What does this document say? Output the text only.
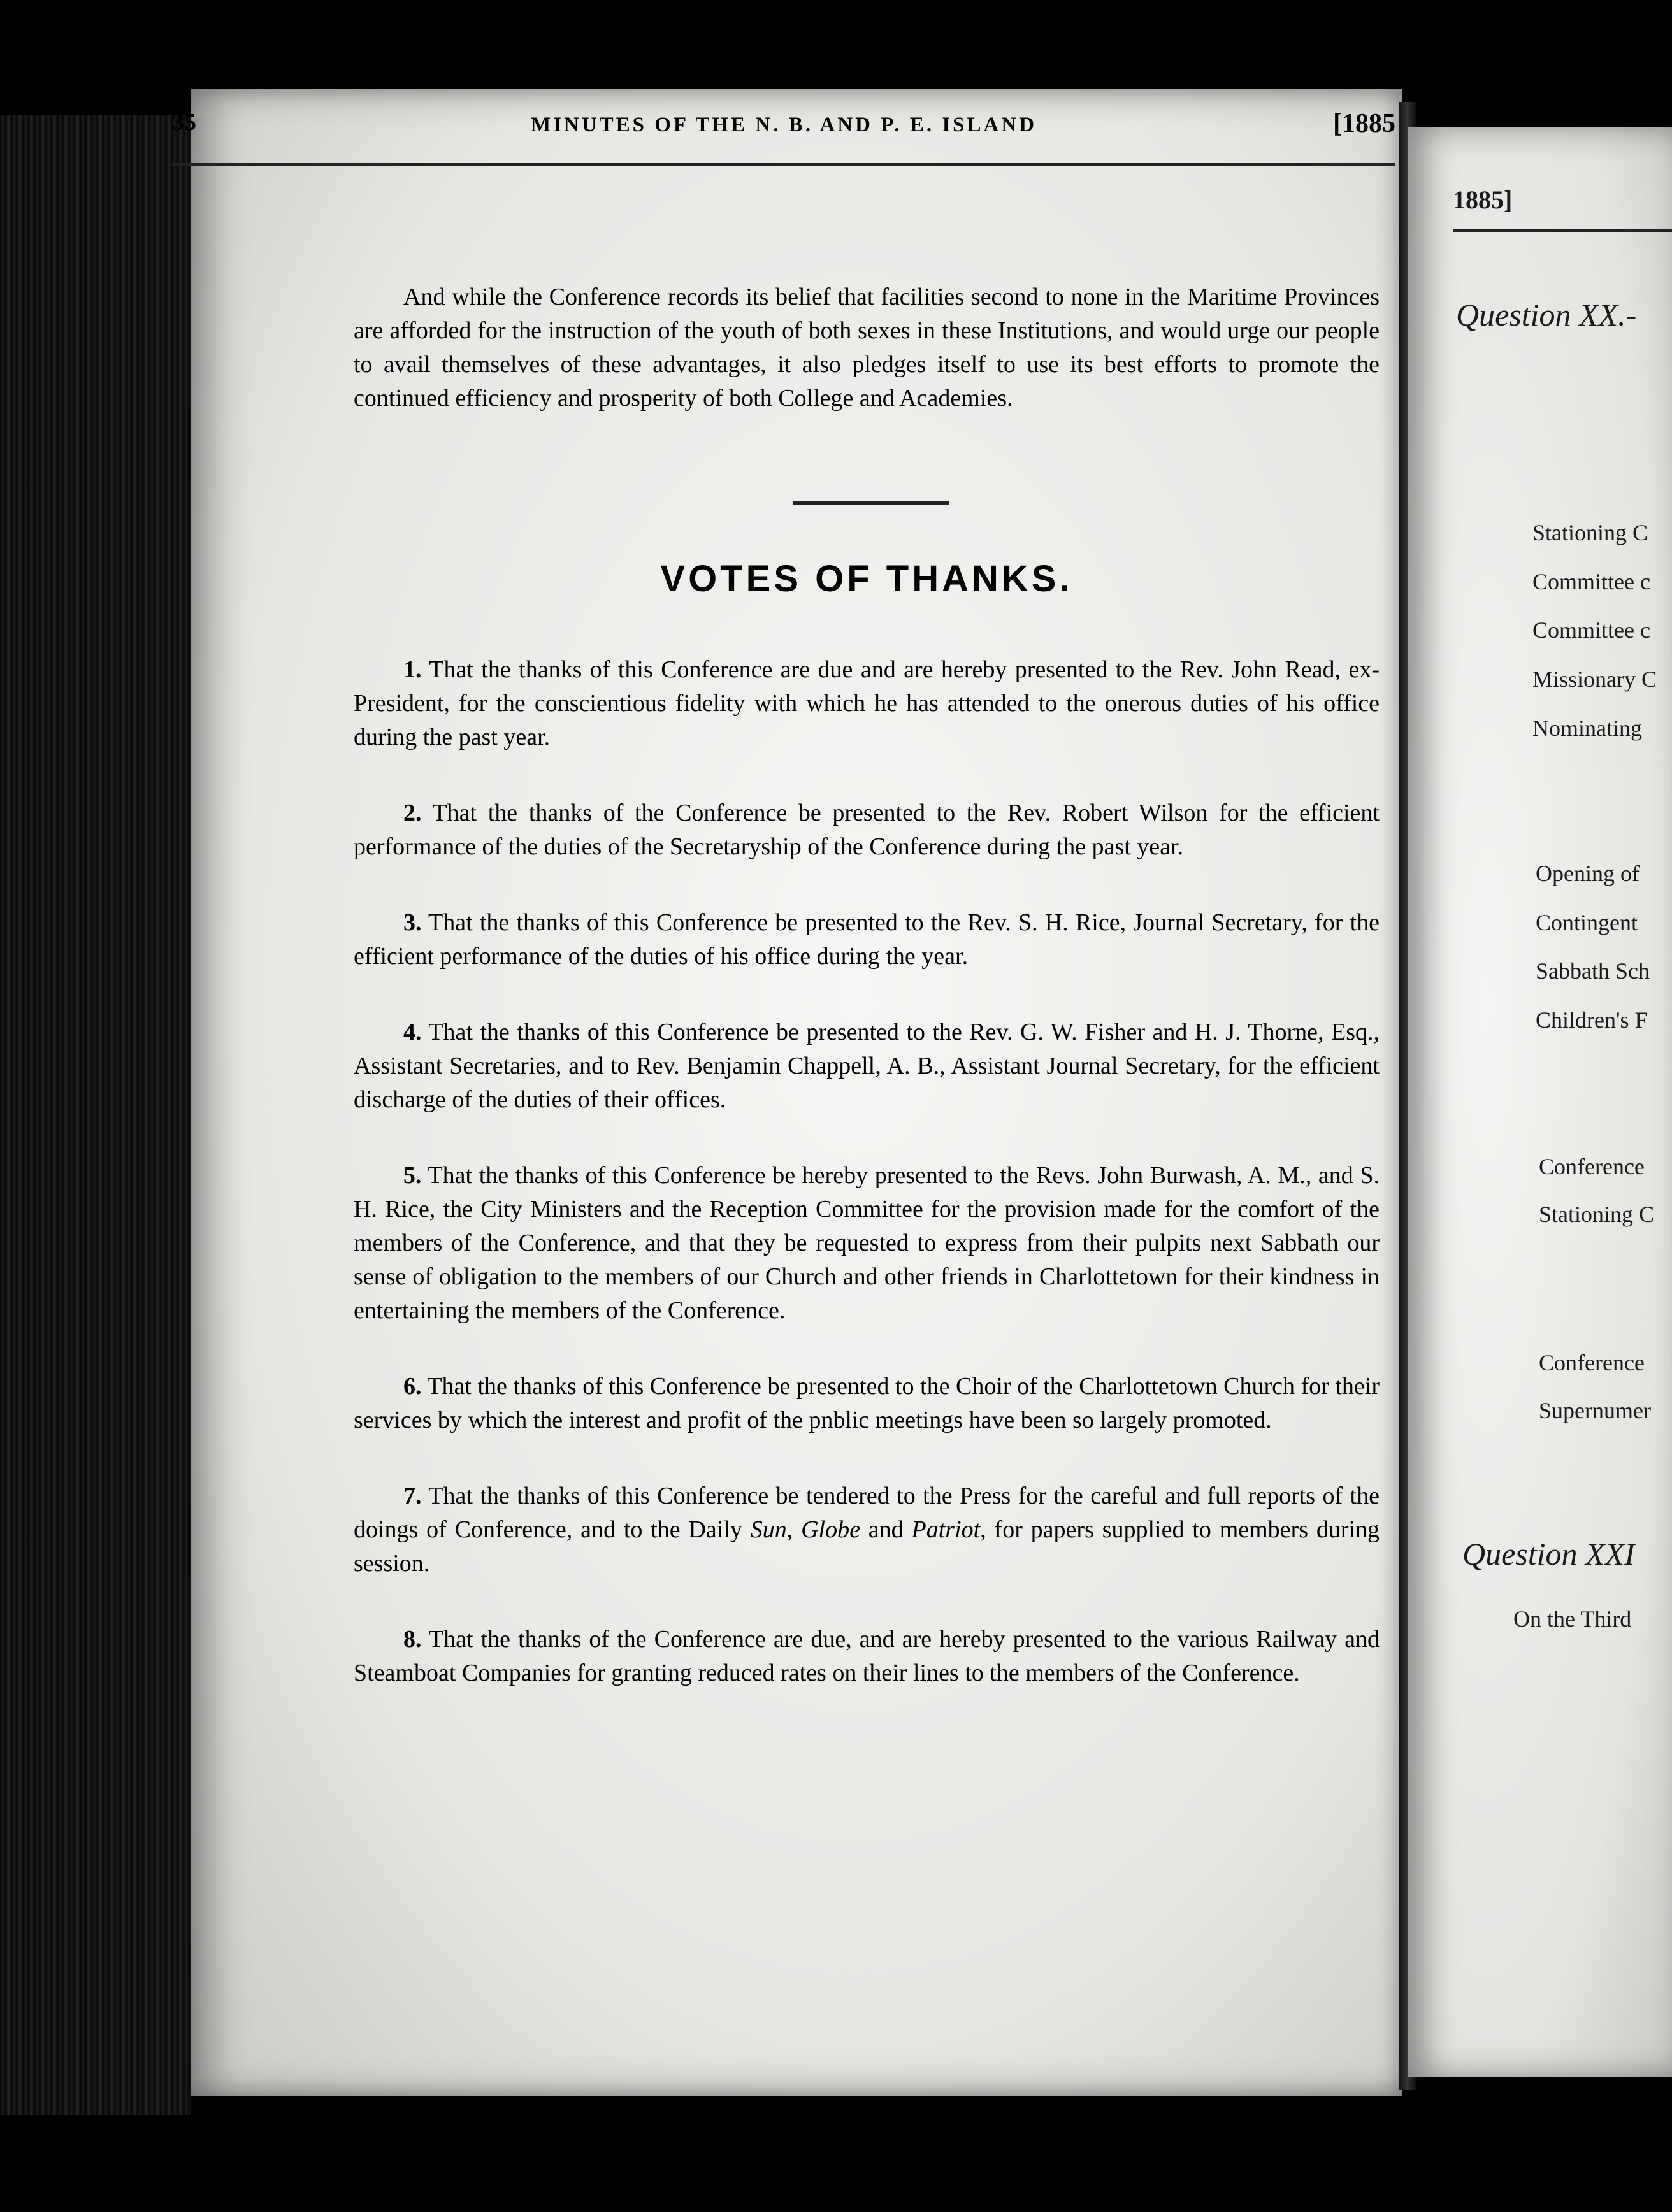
1885]
Question XX.-
Stationing C
Committee c
Committee c
Missionary C
Nominating
Opening of
Contingent
Sabbath Sch
Children's F
Conference
Stationing C
Conference
Supernumer
Question XXI
On the Third
35	MINUTES OF THE N. B. AND P. E. ISLAND	[1885

And while the Conference records its belief that facilities second to none in the Maritime Provinces are afforded for the instruction of the youth of both sexes in these Institutions, and would urge our people to avail themselves of these advantages, it also pledges itself to use its best efforts to promote the continued efficiency and prosperity of both College and Academies.

VOTES OF THANKS.

1. That the thanks of this Conference are due and are hereby presented to the Rev. John Read, ex-President, for the conscientious fidelity with which he has attended to the onerous duties of his office during the past year.

2. That the thanks of the Conference be presented to the Rev. Robert Wilson for the efficient performance of the duties of the Secretaryship of the Conference during the past year.

3. That the thanks of this Conference be presented to the Rev. S. H. Rice, Journal Secretary, for the efficient performance of the duties of his office during the year.

4. That the thanks of this Conference be presented to the Rev. G. W. Fisher and H. J. Thorne, Esq., Assistant Secretaries, and to Rev. Benjamin Chappell, A. B., Assistant Journal Secretary, for the efficient discharge of the duties of their offices.

5. That the thanks of this Conference be hereby presented to the Revs. John Burwash, A. M., and S. H. Rice, the City Ministers and the Reception Committee for the provision made for the comfort of the members of the Conference, and that they be requested to express from their pulpits next Sabbath our sense of obligation to the members of our Church and other friends in Charlottetown for their kindness in entertaining the members of the Conference.

6. That the thanks of this Conference be presented to the Choir of the Charlottetown Church for their services by which the interest and profit of the pnblic meetings have been so largely promoted.

7. That the thanks of this Conference be tendered to the Press for the careful and full reports of the doings of Conference, and to the Daily Sun, Globe and Patriot, for papers supplied to members during session.

8. That the thanks of the Conference are due, and are hereby presented to the various Railway and Steamboat Companies for granting reduced rates on their lines to the members of the Conference.
